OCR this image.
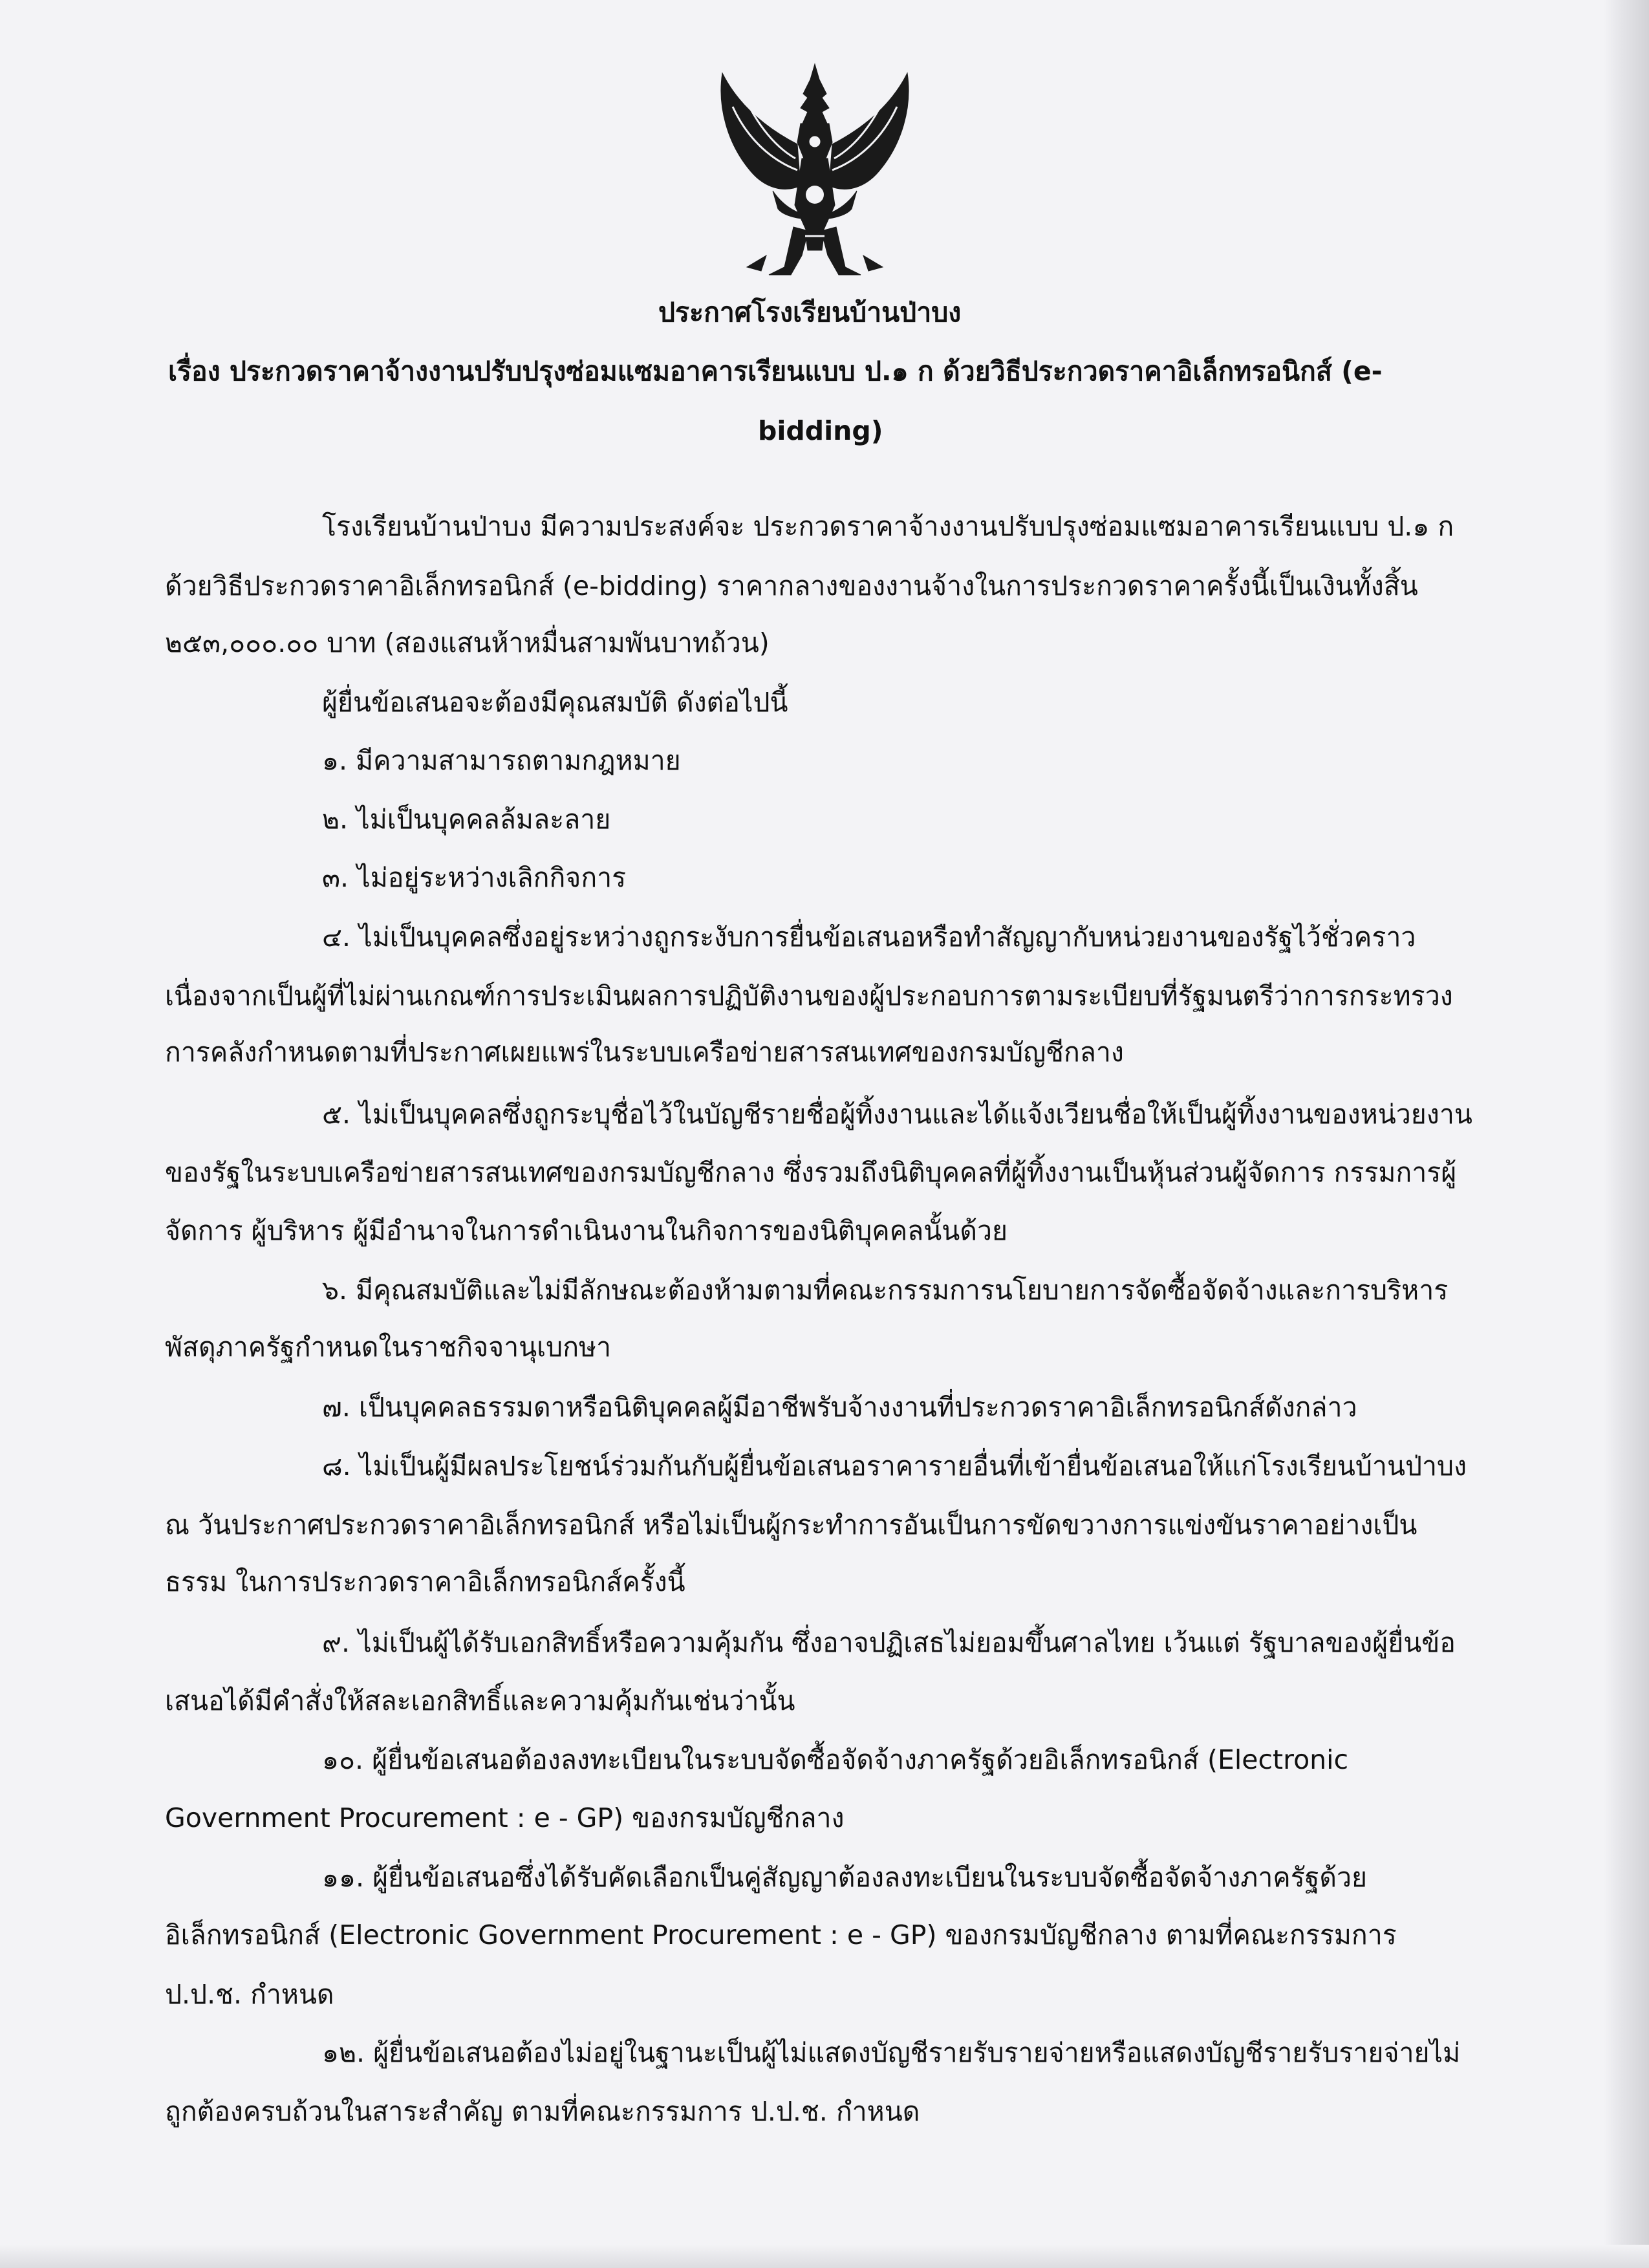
ประกาศโรงเรียนบ้านป่าบง
เรื่อง ประกวดราคาจ้างงานปรับปรุงซ่อมแซมอาคารเรียนแบบ ป.๑ ก ด้วยวิธีประกวดราคาอิเล็กทรอนิกส์ (e-
bidding)
โรงเรียนบ้านป่าบง มีความประสงค์จะ ประกวดราคาจ้างงานปรับปรุงซ่อมแซมอาคารเรียนแบบ ป.๑ ก
ด้วยวิธีประกวดราคาอิเล็กทรอนิกส์ (e-bidding) ราคากลางของงานจ้างในการประกวดราคาครั้งนี้เป็นเงินทั้งสิ้น
๒๕๓,๐๐๐.๐๐ บาท (สองแสนห้าหมื่นสามพันบาทถ้วน)
ผู้ยื่นข้อเสนอจะต้องมีคุณสมบัติ ดังต่อไปนี้
๑. มีความสามารถตามกฎหมาย
๒. ไม่เป็นบุคคลล้มละลาย
๓. ไม่อยู่ระหว่างเลิกกิจการ
๔. ไม่เป็นบุคคลซึ่งอยู่ระหว่างถูกระงับการยื่นข้อเสนอหรือทำสัญญากับหน่วยงานของรัฐไว้ชั่วคราว
เนื่องจากเป็นผู้ที่ไม่ผ่านเกณฑ์การประเมินผลการปฏิบัติงานของผู้ประกอบการตามระเบียบที่รัฐมนตรีว่าการกระทรวง
การคลังกำหนดตามที่ประกาศเผยแพร่ในระบบเครือข่ายสารสนเทศของกรมบัญชีกลาง
๕. ไม่เป็นบุคคลซึ่งถูกระบุชื่อไว้ในบัญชีรายชื่อผู้ทิ้งงานและได้แจ้งเวียนชื่อให้เป็นผู้ทิ้งงานของหน่วยงาน
ของรัฐในระบบเครือข่ายสารสนเทศของกรมบัญชีกลาง ซึ่งรวมถึงนิติบุคคลที่ผู้ทิ้งงานเป็นหุ้นส่วนผู้จัดการ กรรมการผู้
จัดการ ผู้บริหาร ผู้มีอำนาจในการดำเนินงานในกิจการของนิติบุคคลนั้นด้วย
๖. มีคุณสมบัติและไม่มีลักษณะต้องห้ามตามที่คณะกรรมการนโยบายการจัดซื้อจัดจ้างและการบริหาร
พัสดุภาครัฐกำหนดในราชกิจจานุเบกษา
๗. เป็นบุคคลธรรมดาหรือนิติบุคคลผู้มีอาชีพรับจ้างงานที่ประกวดราคาอิเล็กทรอนิกส์ดังกล่าว
๘. ไม่เป็นผู้มีผลประโยชน์ร่วมกันกับผู้ยื่นข้อเสนอราคารายอื่นที่เข้ายื่นข้อเสนอให้แก่โรงเรียนบ้านป่าบง
ณ วันประกาศประกวดราคาอิเล็กทรอนิกส์ หรือไม่เป็นผู้กระทำการอันเป็นการขัดขวางการแข่งขันราคาอย่างเป็น
ธรรม ในการประกวดราคาอิเล็กทรอนิกส์ครั้งนี้
๙. ไม่เป็นผู้ได้รับเอกสิทธิ์หรือความคุ้มกัน ซึ่งอาจปฏิเสธไม่ยอมขึ้นศาลไทย เว้นแต่ รัฐบาลของผู้ยื่นข้อ
เสนอได้มีคำสั่งให้สละเอกสิทธิ์และความคุ้มกันเช่นว่านั้น
๑๐. ผู้ยื่นข้อเสนอต้องลงทะเบียนในระบบจัดซื้อจัดจ้างภาครัฐด้วยอิเล็กทรอนิกส์ (Electronic
Government Procurement : e - GP) ของกรมบัญชีกลาง
๑๑. ผู้ยื่นข้อเสนอซึ่งได้รับคัดเลือกเป็นคู่สัญญาต้องลงทะเบียนในระบบจัดซื้อจัดจ้างภาครัฐด้วย
อิเล็กทรอนิกส์ (Electronic Government Procurement : e - GP) ของกรมบัญชีกลาง ตามที่คณะกรรมการ
ป.ป.ช. กำหนด
๑๒. ผู้ยื่นข้อเสนอต้องไม่อยู่ในฐานะเป็นผู้ไม่แสดงบัญชีรายรับรายจ่ายหรือแสดงบัญชีรายรับรายจ่ายไม่
ถูกต้องครบถ้วนในสาระสำคัญ ตามที่คณะกรรมการ ป.ป.ช. กำหนด
